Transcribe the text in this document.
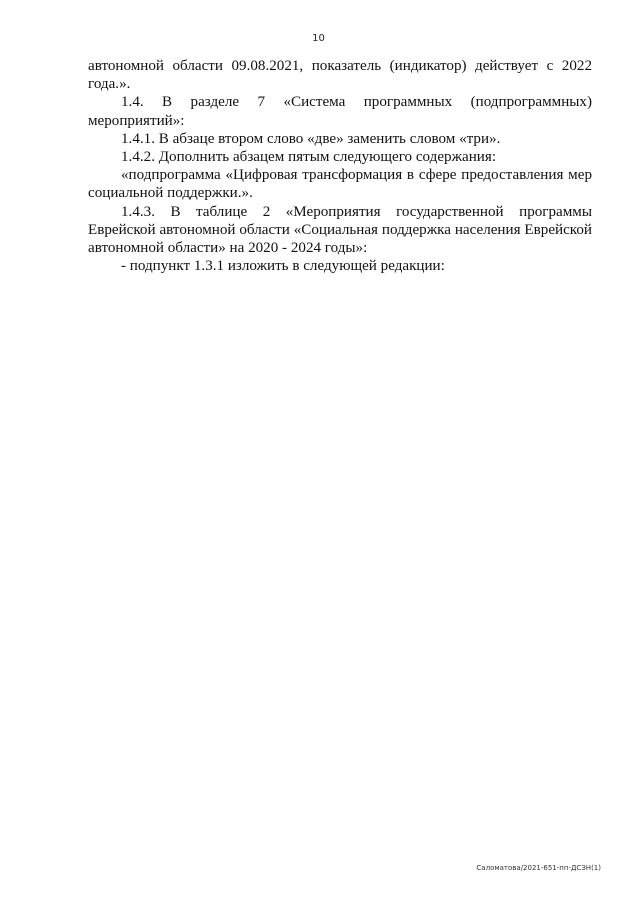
10

автономной области 09.08.2021, показатель (индикатор) действует с 2022 года.».

1.4. В разделе 7 «Система программных (подпрограммных) мероприятий»:

1.4.1. В абзаце втором слово «две» заменить словом «три».

1.4.2. Дополнить абзацем пятым следующего содержания:

«подпрограмма «Цифровая трансформация в сфере предоставления мер социальной поддержки.».

1.4.3. В таблице 2 «Мероприятия государственной программы Еврейской автономной области «Социальная поддержка населения Еврейской автономной области» на 2020 - 2024 годы»:

- подпункт 1.3.1 изложить в следующей редакции:

Саломатова/2021-651-пп-ДСЗН(1)
